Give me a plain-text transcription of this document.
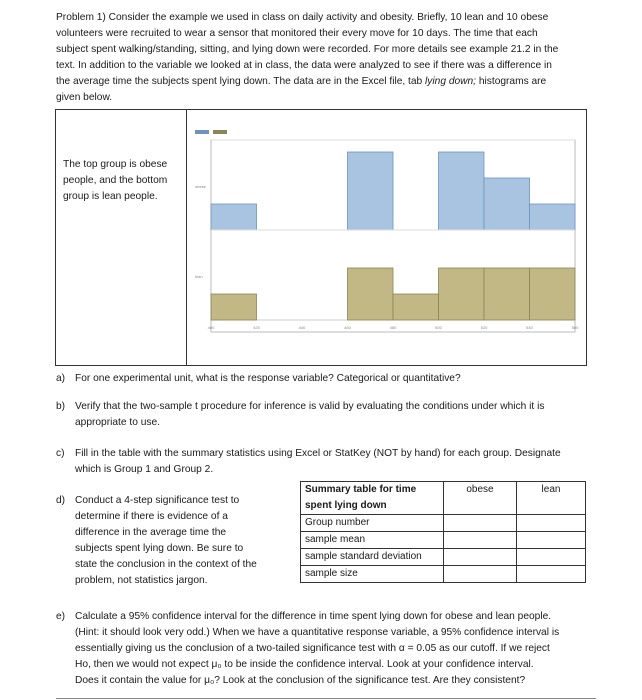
Problem 1) Consider the example we used in class on daily activity and obesity. Briefly, 10 lean and 10 obese
volunteers were recruited to wear a sensor that monitored their every move for 10 days. The time that each
subject spent walking/standing, sitting, and lying down were recorded. For more details see example 21.2 in the
text. In addition to the variable we looked at in class, the data were analyzed to see if there was a difference in
the average time the subjects spent lying down. The data are in the Excel file, tab lying down; histograms are
given below.
The top group is obese people, and the bottom group is lean people.
obese
lean
400	420	440	460	480	500	520	540	560
a) For one experimental unit, what is the response variable? Categorical or quantitative?
b) Verify that the two-sample t procedure for inference is valid by evaluating the conditions under which it is
appropriate to use.
c) Fill in the table with the summary statistics using Excel or StatKey (NOT by hand) for each group. Designate
which is Group 1 and Group 2.
d) Conduct a 4-step significance test to
determine if there is evidence of a
difference in the average time the
subjects spent lying down. Be sure to
state the conclusion in the context of the
problem, not statistics jargon.
Summary table for time spent lying down	obese	lean
Group number		
sample mean		
sample standard deviation		
sample size		
e) Calculate a 95% confidence interval for the difference in time spent lying down for obese and lean people.
(Hint: it should look very odd.) When we have a quantitative response variable, a 95% confidence interval is
essentially giving us the conclusion of a two-tailed significance test with α = 0.05 as our cutoff. If we reject
Ho, then we would not expect μ₀ to be inside the confidence interval. Look at your confidence interval.
Does it contain the value for μ₀? Look at the conclusion of the significance test. Are they consistent?
